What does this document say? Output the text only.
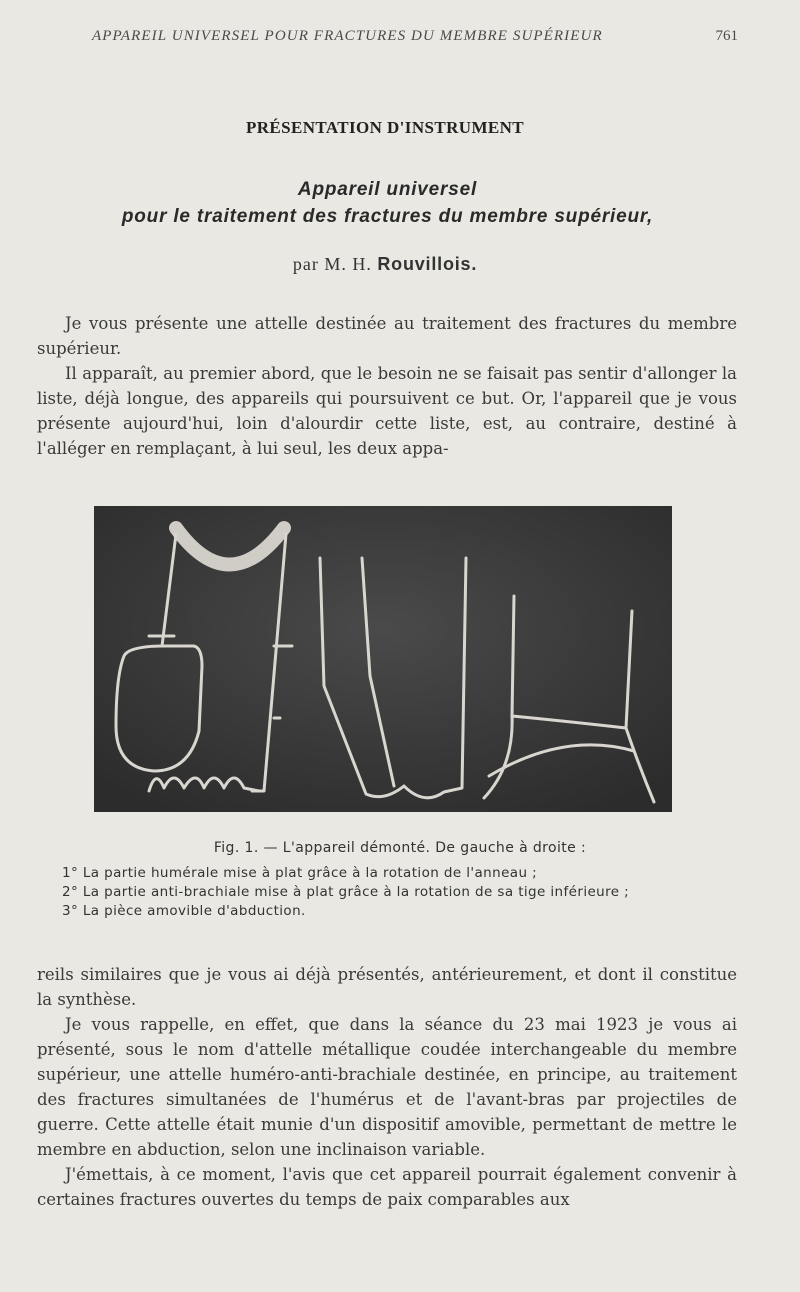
APPAREIL UNIVERSEL POUR FRACTURES DU MEMBRE SUPÉRIEUR	761
PRÉSENTATION D'INSTRUMENT
Appareil universel
pour le traitement des fractures du membre supérieur,
par M. H. Rouvillois.

Je vous présente une attelle destinée au traitement des fractures du membre supérieur.

Il apparaît, au premier abord, que le besoin ne se faisait pas sentir d'allonger la liste, déjà longue, des appareils qui poursuivent ce but. Or, l'appareil que je vous présente aujourd'hui, loin d'alourdir cette liste, est, au contraire, destiné à l'alléger en remplaçant, à lui seul, les deux appa-

Fig. 1. — L'appareil démonté. De gauche à droite :
1° La partie humérale mise à plat grâce à la rotation de l'anneau ;
2° La partie anti-brachiale mise à plat grâce à la rotation de sa tige inférieure ;
3° La pièce amovible d'abduction.

reils similaires que je vous ai déjà présentés, antérieurement, et dont il constitue la synthèse.

Je vous rappelle, en effet, que dans la séance du 23 mai 1923 je vous ai présenté, sous le nom d'attelle métallique coudée interchangeable du membre supérieur, une attelle huméro-anti-brachiale destinée, en principe, au traitement des fractures simultanées de l'humérus et de l'avant-bras par projectiles de guerre. Cette attelle était munie d'un dispositif amovible, permettant de mettre le membre en abduction, selon une inclinaison variable.

J'émettais, à ce moment, l'avis que cet appareil pourrait également convenir à certaines fractures ouvertes du temps de paix comparables aux
